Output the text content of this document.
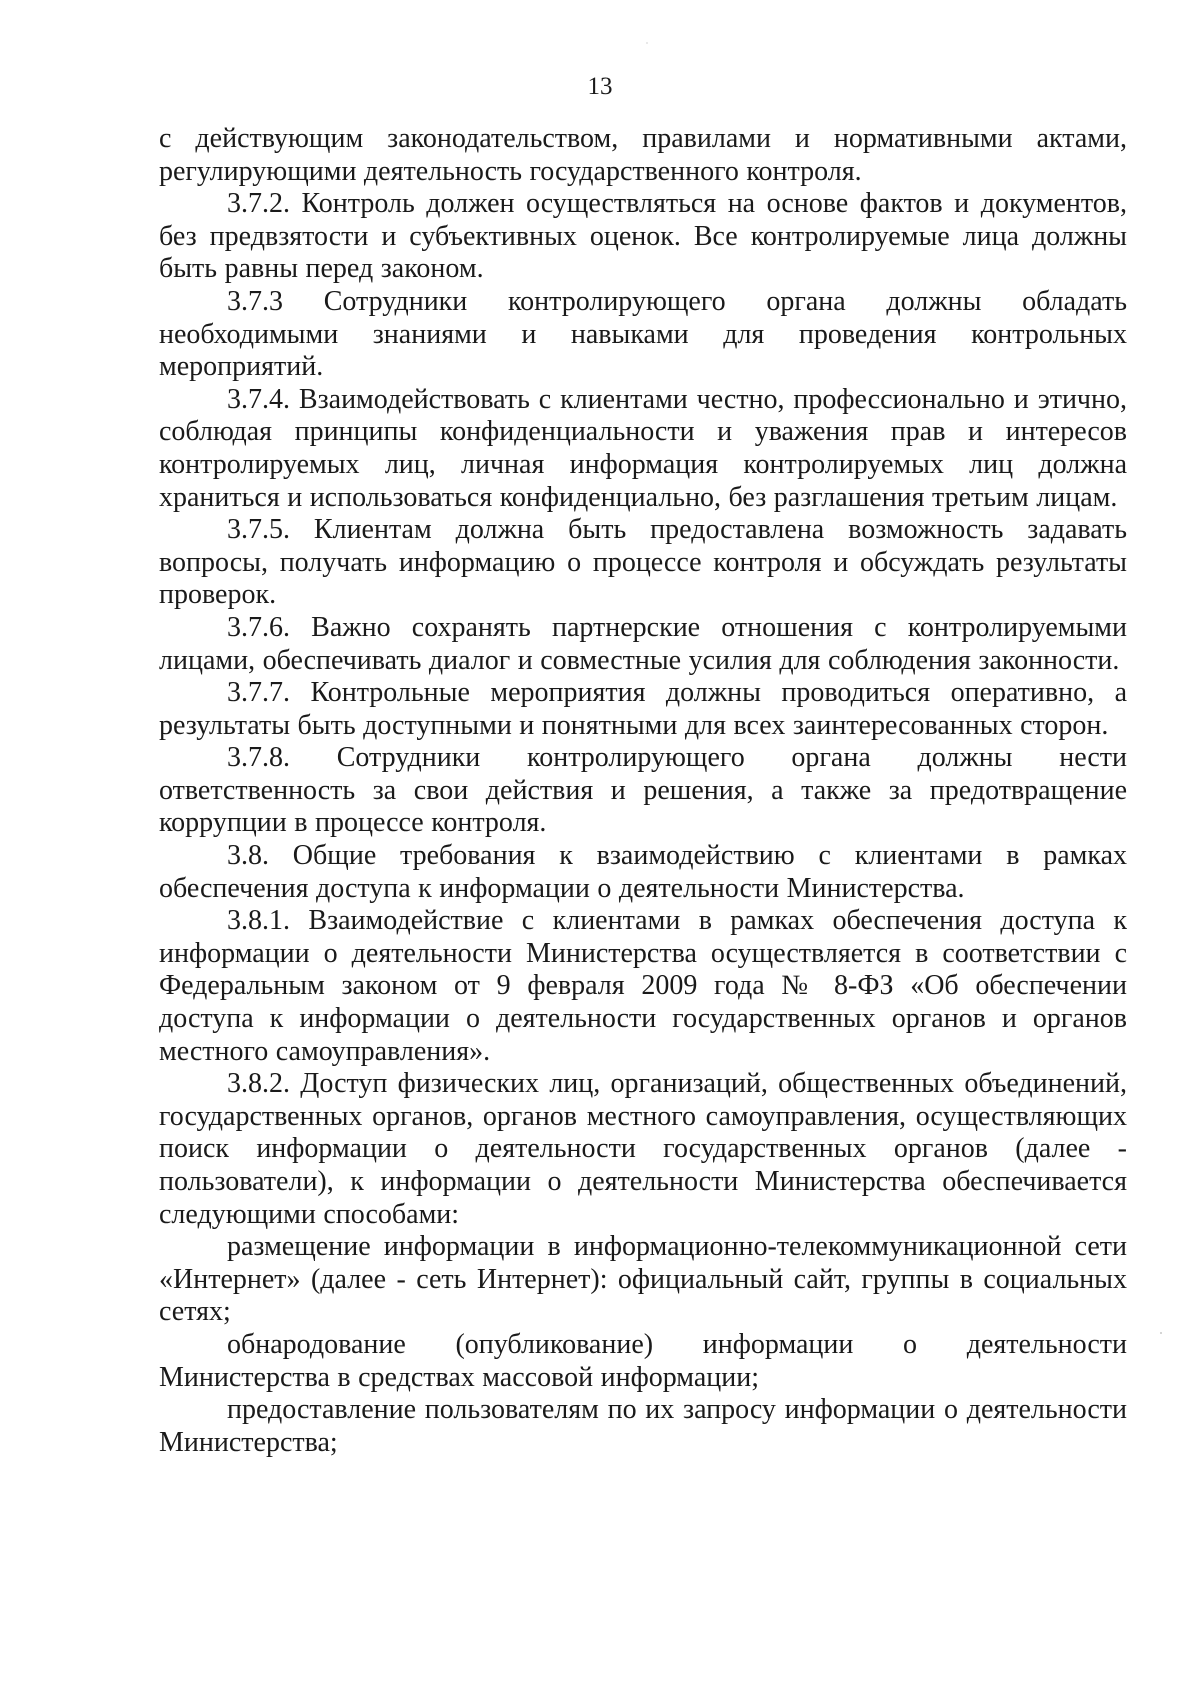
13

с действующим законодательством, правилами и нормативными актами, регулирующими деятельность государственного контроля.

3.7.2. Контроль должен осуществляться на основе фактов и документов, без предвзятости и субъективных оценок. Все контролируемые лица должны быть равны перед законом.

3.7.3 Сотрудники контролирующего органа должны обладать необходимыми знаниями и навыками для проведения контрольных мероприятий.

3.7.4. Взаимодействовать с клиентами честно, профессионально и этично, соблюдая принципы конфиденциальности и уважения прав и интересов контролируемых лиц, личная информация контролируемых лиц должна храниться и использоваться конфиденциально, без разглашения третьим лицам.

3.7.5. Клиентам должна быть предоставлена возможность задавать вопросы, получать информацию о процессе контроля и обсуждать результаты проверок.

3.7.6. Важно сохранять партнерские отношения с контролируемыми лицами, обеспечивать диалог и совместные усилия для соблюдения законности.

3.7.7. Контрольные мероприятия должны проводиться оперативно, а результаты быть доступными и понятными для всех заинтересованных сторон.

3.7.8. Сотрудники контролирующего органа должны нести ответственность за свои действия и решения, а также за предотвращение коррупции в процессе контроля.

3.8. Общие требования к взаимодействию с клиентами в рамках обеспечения доступа к информации о деятельности Министерства.

3.8.1. Взаимодействие с клиентами в рамках обеспечения доступа к информации о деятельности Министерства осуществляется в соответствии с Федеральным законом от 9 февраля 2009 года № 8-ФЗ «Об обеспечении доступа к информации о деятельности государственных органов и органов местного самоуправления».

3.8.2. Доступ физических лиц, организаций, общественных объединений, государственных органов, органов местного самоуправления, осуществляющих поиск информации о деятельности государственных органов (далее - пользователи), к информации о деятельности Министерства обеспечивается следующими способами:

размещение информации в информационно-телекоммуникационной сети «Интернет» (далее - сеть Интернет): официальный сайт, группы в социальных сетях;

обнародование (опубликование) информации о деятельности Министерства в средствах массовой информации;

предоставление пользователям по их запросу информации о деятельности Министерства;
